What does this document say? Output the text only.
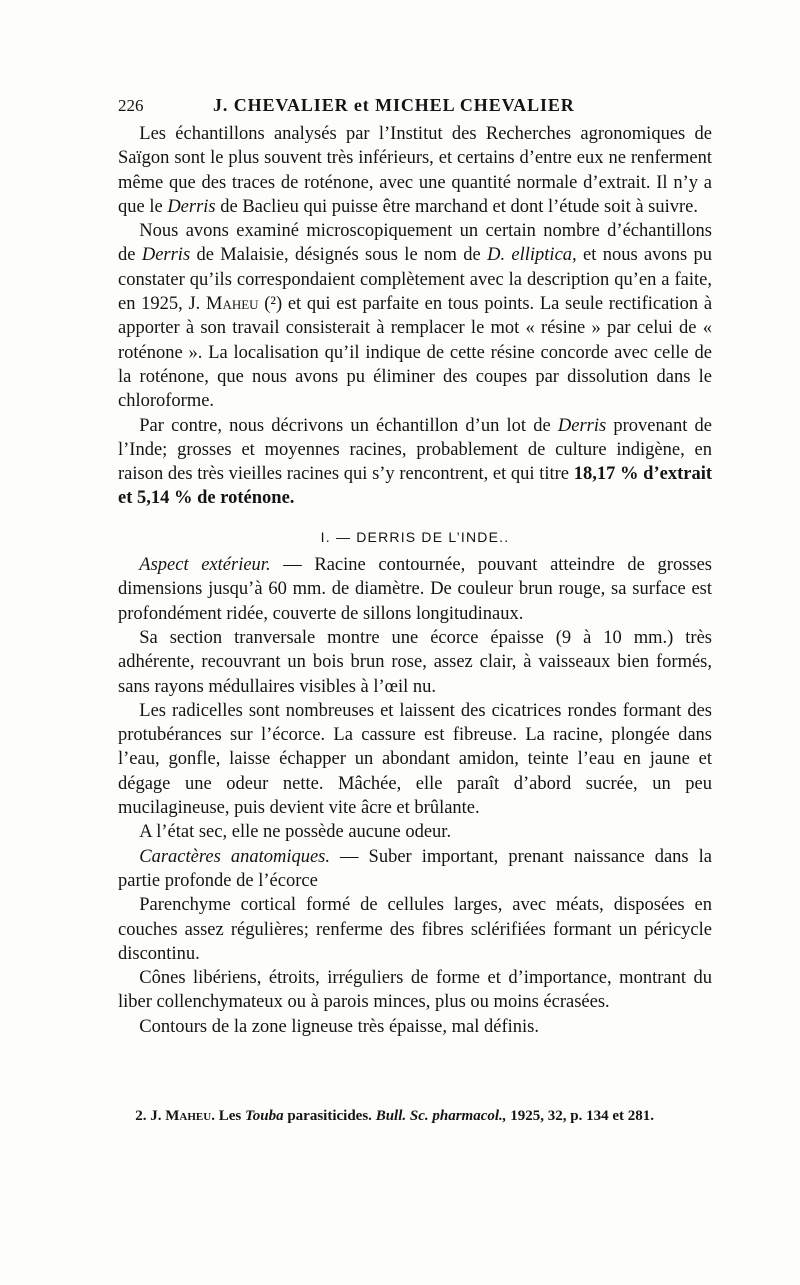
226	J. CHEVALIER et MICHEL CHEVALIER

Les échantillons analysés par l’Institut des Recherches agronomiques de Saïgon sont le plus souvent très inférieurs, et certains d’entre eux ne renferment même que des traces de roténone, avec une quantité normale d’extrait. Il n’y a que le Derris de Baclieu qui puisse être marchand et dont l’étude soit à suivre.

Nous avons examiné microscopiquement un certain nombre d’échantillons de Derris de Malaisie, désignés sous le nom de D. elliptica, et nous avons pu constater qu’ils correspondaient complètement avec la description qu’en a faite, en 1925, J. Maheu (²) et qui est parfaite en tous points. La seule rectification à apporter à son travail consisterait à remplacer le mot « résine » par celui de « roténone ». La localisation qu’il indique de cette résine concorde avec celle de la roténone, que nous avons pu éliminer des coupes par dissolution dans le chloroforme.

Par contre, nous décrivons un échantillon d’un lot de Derris provenant de l’Inde; grosses et moyennes racines, probablement de culture indigène, en raison des très vieilles racines qui s’y rencontrent, et qui titre 18,17 % d’extrait et 5,14 % de roténone.

I. — DERRIS DE L’INDE..

Aspect extérieur. — Racine contournée, pouvant atteindre de grosses dimensions jusqu’à 60 mm. de diamètre. De couleur brun rouge, sa surface est profondément ridée, couverte de sillons longitudinaux.

Sa section tranversale montre une écorce épaisse (9 à 10 mm.) très adhérente, recouvrant un bois brun rose, assez clair, à vaisseaux bien formés, sans rayons médullaires visibles à l’œil nu.

Les radicelles sont nombreuses et laissent des cicatrices rondes formant des protubérances sur l’écorce. La cassure est fibreuse. La racine, plongée dans l’eau, gonfle, laisse échapper un abondant amidon, teinte l’eau en jaune et dégage une odeur nette. Mâchée, elle paraît d’abord sucrée, un peu mucilagineuse, puis devient vite âcre et brûlante.

A l’état sec, elle ne possède aucune odeur.

Caractères anatomiques. — Suber important, prenant naissance dans la partie profonde de l’écorce

Parenchyme cortical formé de cellules larges, avec méats, disposées en couches assez régulières; renferme des fibres sclérifiées formant un péricycle discontinu.

Cônes libériens, étroits, irréguliers de forme et d’importance, montrant du liber collenchymateux ou à parois minces, plus ou moins écrasées.

Contours de la zone ligneuse très épaisse, mal définis.

2. J. Maheu. Les Touba parasiticides. Bull. Sc. pharmacol., 1925, 32, p. 134 et 281.
